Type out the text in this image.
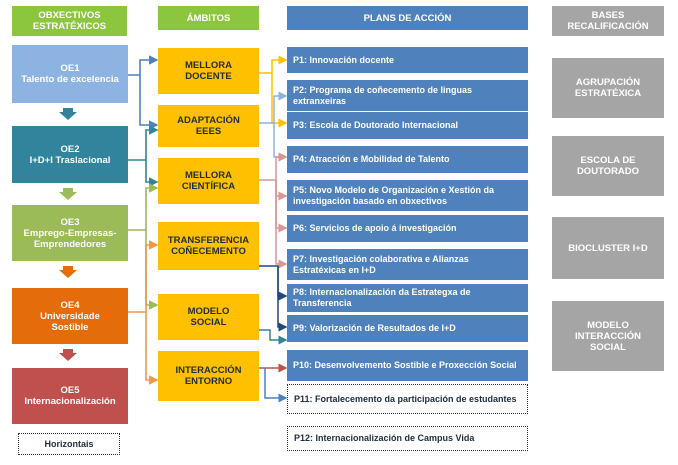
OBXECTIVOS ESTRATÉXICOS
ÁMBITOS	PLANS DE ACCIÓN	BASES RECALIFICACIÓN
OE1
Talento de excelencia
OE2
I+D+I Traslacional
OE3
Emprego-Empresas-Emprendedores
OE4
Universidade Sostible
OE5
Internacionalización
Horizontais
MELLORA DOCENTE
ADAPTACIÓN EEES
MELLORA CIENTÍFICA
TRANSFERENCIA COÑECEMENTO
MODELO SOCIAL
INTERACCIÓN ENTORNO
P1: Innovación docente
P2: Programa de coñecemento de linguas extranxeiras
P3: Escola de Doutorado Internacional
P4: Atracción e Mobilidad de Talento
P5: Novo Modelo de Organización e Xestión da investigación basado en obxectivos
P6: Servicios de apoio á investigación
P7: Investigación colaborativa e Alianzas Estratéxicas en I+D
P8: Internacionalización da Estrategxa de Transferencia
P9: Valorización de Resultados de I+D
P10: Desenvolvemento Sostible e Proxección Social
P11: Fortalecemento da participación de estudantes
P12: Internacionalización de Campus Vida
AGRUPACIÓN ESTRATÉXICA
ESCOLA DE DOUTORADO
BIOCLUSTER I+D
MODELO INTERACCIÓN SOCIAL
